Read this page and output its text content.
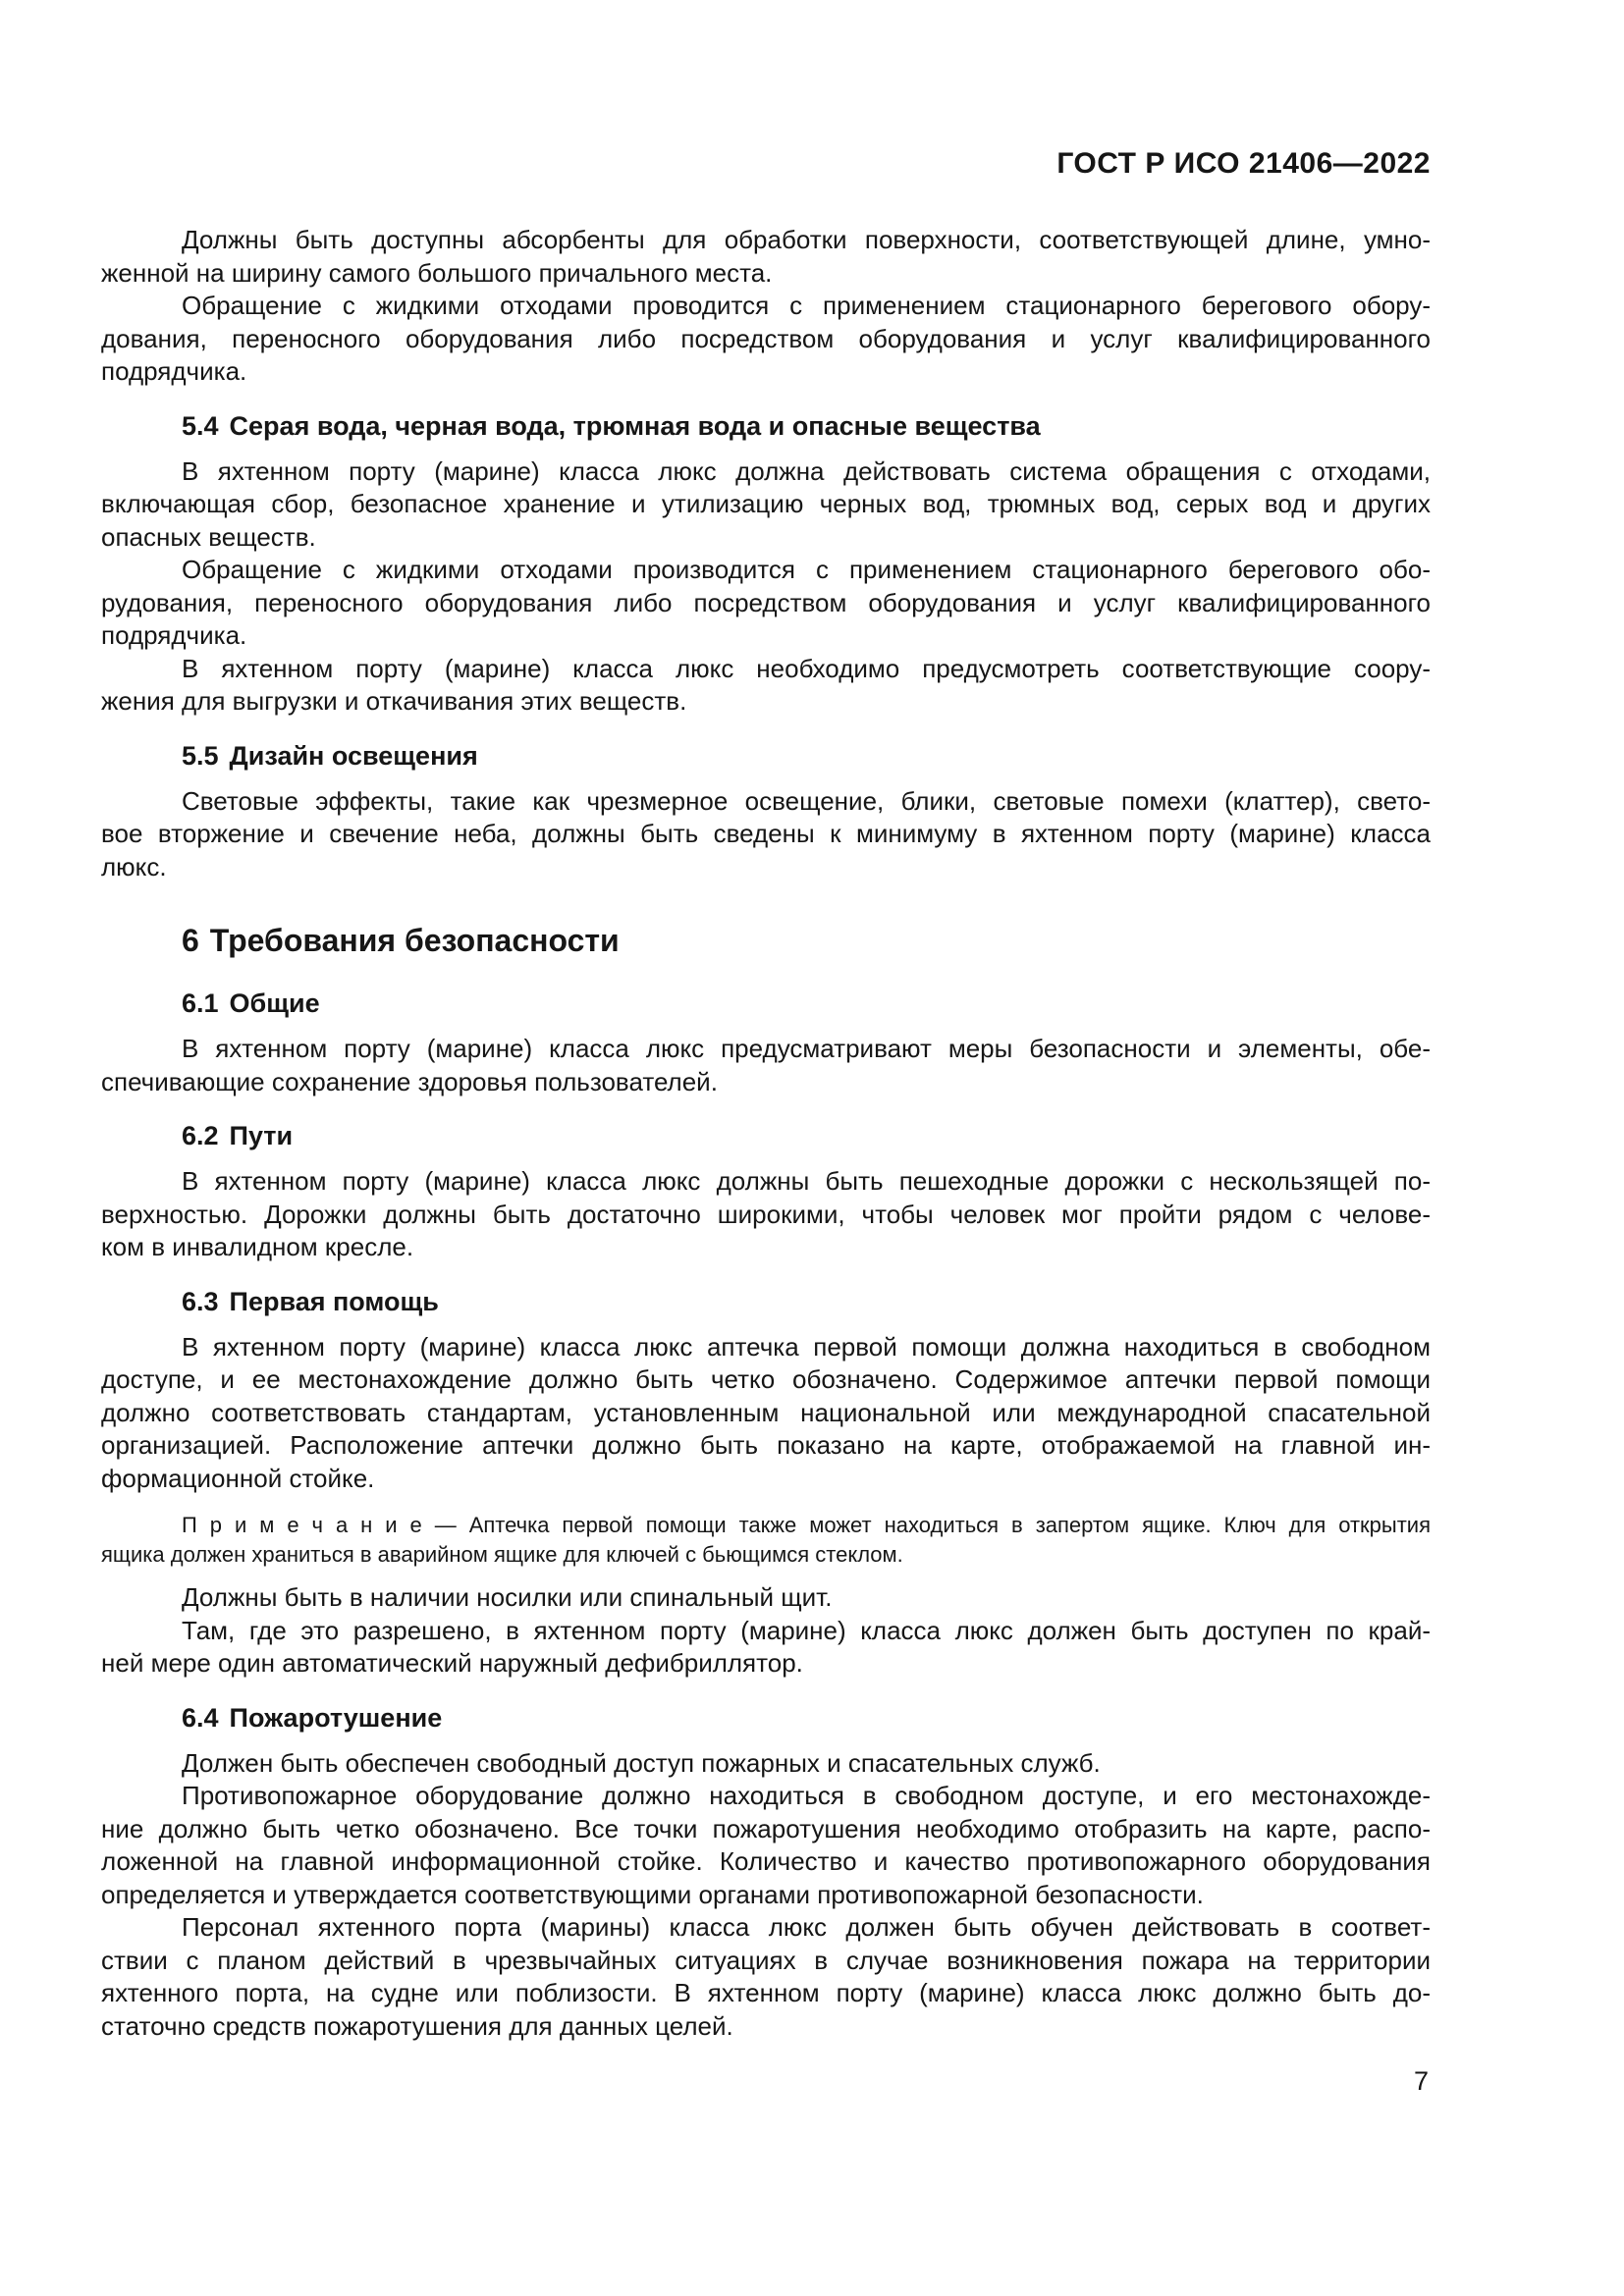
ГОСТ Р ИСО 21406—2022
Должны быть доступны абсорбенты для обработки поверхности, соответствующей длине, умно-
женной на ширину самого большого причального места.
Обращение с жидкими отходами проводится с применением стационарного берегового обору-
дования, переносного оборудования либо посредством оборудования и услуг квалифицированного
подрядчика.
5.4 Серая вода, черная вода, трюмная вода и опасные вещества
В яхтенном порту (марине) класса люкс должна действовать система обращения с отходами,
включающая сбор, безопасное хранение и утилизацию черных вод, трюмных вод, серых вод и других
опасных веществ.
Обращение с жидкими отходами производится с применением стационарного берегового обо-
рудования, переносного оборудования либо посредством оборудования и услуг квалифицированного
подрядчика.
В яхтенном порту (марине) класса люкс необходимо предусмотреть соответствующие соору-
жения для выгрузки и откачивания этих веществ.
5.5 Дизайн освещения
Световые эффекты, такие как чрезмерное освещение, блики, световые помехи (клаттер), свето-
вое вторжение и свечение неба, должны быть сведены к минимуму в яхтенном порту (марине) класса
люкс.
6 Требования безопасности
6.1 Общие
В яхтенном порту (марине) класса люкс предусматривают меры безопасности и элементы, обе-
спечивающие сохранение здоровья пользователей.
6.2 Пути
В яхтенном порту (марине) класса люкс должны быть пешеходные дорожки с нескользящей по-
верхностью. Дорожки должны быть достаточно широкими, чтобы человек мог пройти рядом с челове-
ком в инвалидном кресле.
6.3 Первая помощь
В яхтенном порту (марине) класса люкс аптечка первой помощи должна находиться в свободном
доступе, и ее местонахождение должно быть четко обозначено. Содержимое аптечки первой помощи
должно соответствовать стандартам, установленным национальной или международной спасательной
организацией. Расположение аптечки должно быть показано на карте, отображаемой на главной ин-
формационной стойке.
П р и м е ч а н и е — Аптечка первой помощи также может находиться в запертом ящике. Ключ для открытия
ящика должен храниться в аварийном ящике для ключей с бьющимся стеклом.
Должны быть в наличии носилки или спинальный щит.
Там, где это разрешено, в яхтенном порту (марине) класса люкс должен быть доступен по край-
ней мере один автоматический наружный дефибриллятор.
6.4 Пожаротушение
Должен быть обеспечен свободный доступ пожарных и спасательных служб.
Противопожарное оборудование должно находиться в свободном доступе, и его местонахожде-
ние должно быть четко обозначено. Все точки пожаротушения необходимо отобразить на карте, распо-
ложенной на главной информационной стойке. Количество и качество противопожарного оборудования
определяется и утверждается соответствующими органами противопожарной безопасности.
Персонал яхтенного порта (марины) класса люкс должен быть обучен действовать в соответ-
ствии с планом действий в чрезвычайных ситуациях в случае возникновения пожара на территории
яхтенного порта, на судне или поблизости. В яхтенном порту (марине) класса люкс должно быть до-
статочно средств пожаротушения для данных целей.
7
